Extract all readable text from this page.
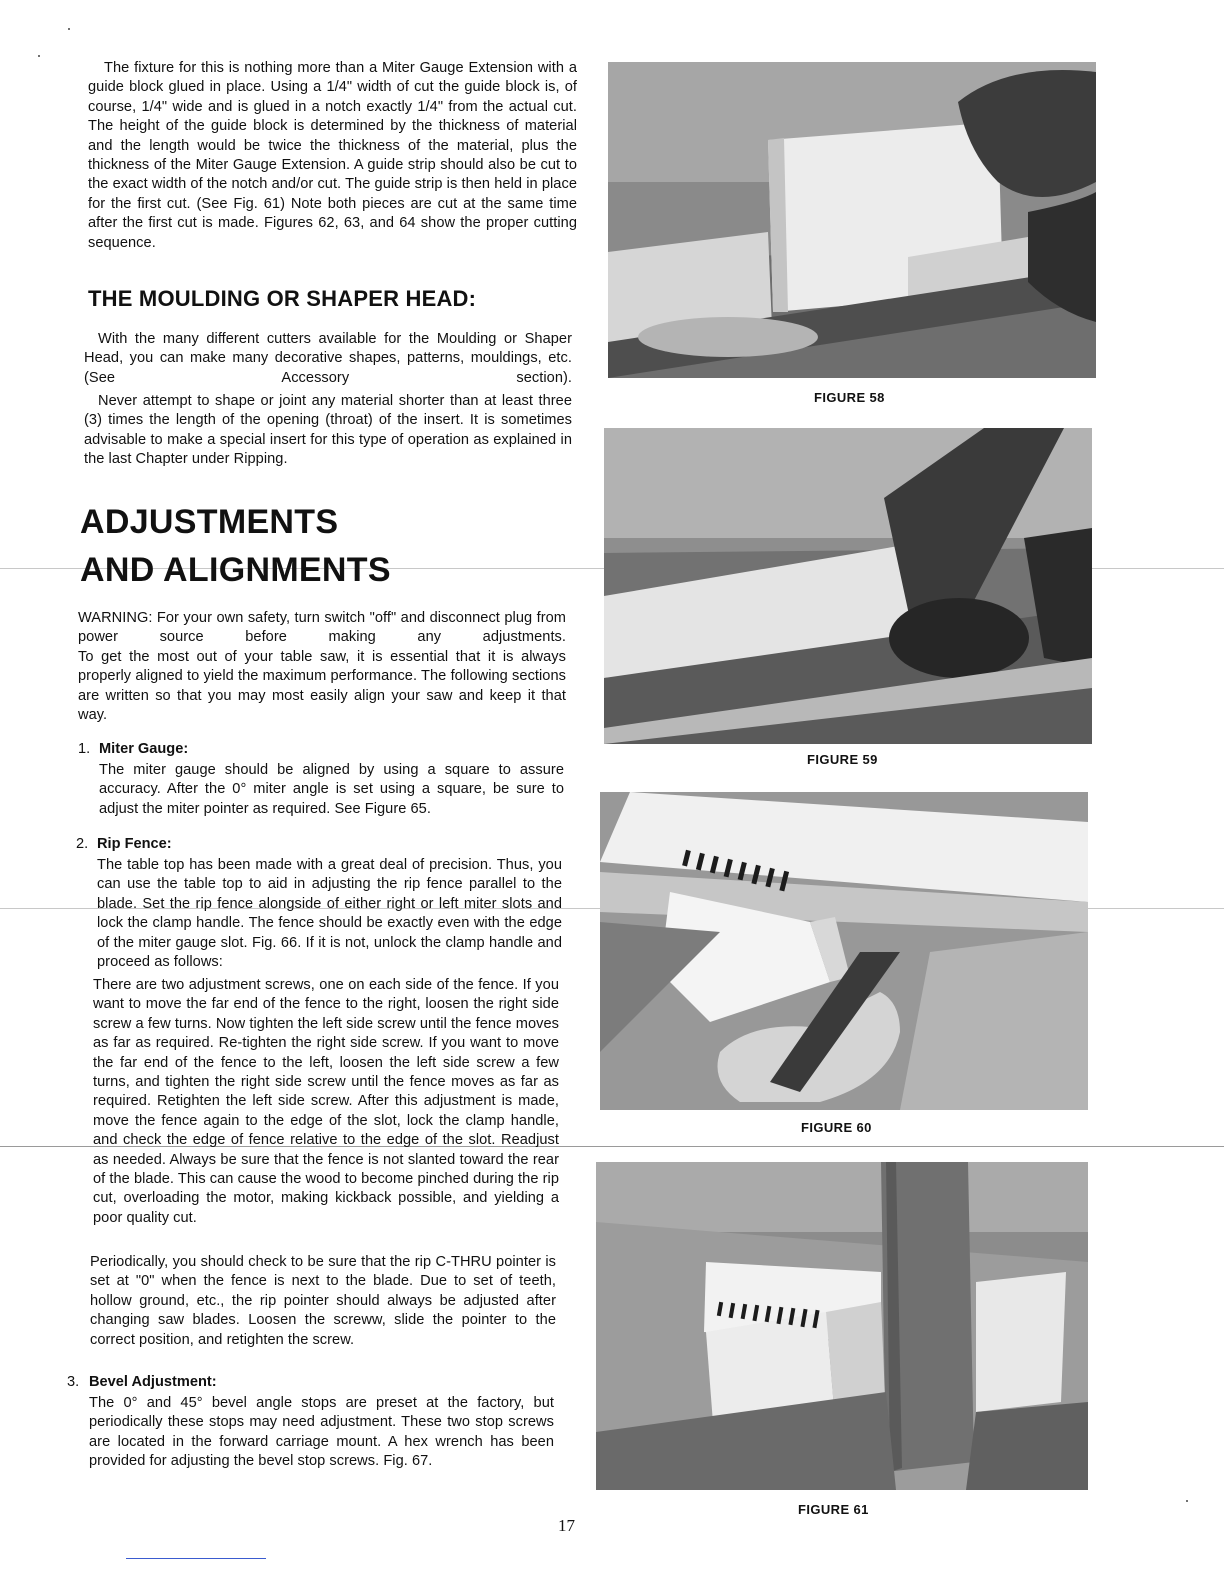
The fixture for this is nothing more than a Miter Gauge Extension with a guide block glued in place. Using a 1/4" width of cut the guide block is, of course, 1/4" wide and is glued in a notch exactly 1/4" from the actual cut. The height of the guide block is determined by the thickness of material and the length would be twice the thickness of the material, plus the thickness of the Miter Gauge Extension. A guide strip should also be cut to the exact width of the notch and/or cut. The guide strip is then held in place for the first cut. (See Fig. 61) Note both pieces are cut at the same time after the first cut is made. Figures 62, 63, and 64 show the proper cutting sequence.

THE MOULDING OR SHAPER HEAD:

With the many different cutters available for the Moulding or Shaper Head, you can make many decorative shapes, patterns, mouldings, etc. (See Accessory section).

Never attempt to shape or joint any material shorter than at least three (3) times the length of the opening (throat) of the insert. It is sometimes advisable to make a special insert for this type of operation as explained in the last Chapter under Ripping.

ADJUSTMENTS
AND ALIGNMENTS

WARNING: For your own safety, turn switch "off" and disconnect plug from power source before making any adjustments.

To get the most out of your table saw, it is essential that it is always properly aligned to yield the maximum performance. The following sections are written so that you may most easily align your saw and keep it that way.

1. Miter Gauge:

The miter gauge should be aligned by using a square to assure accuracy. After the 0° miter angle is set using a square, be sure to adjust the miter pointer as required. See Figure 65.

2. Rip Fence:

The table top has been made with a great deal of precision. Thus, you can use the table top to aid in adjusting the rip fence parallel to the blade. Set the rip fence alongside of either right or left miter slots and lock the clamp handle. The fence should be exactly even with the edge of the miter gauge slot. Fig. 66. If it is not, unlock the clamp handle and proceed as follows:

There are two adjustment screws, one on each side of the fence. If you want to move the far end of the fence to the right, loosen the right side screw a few turns. Now tighten the left side screw until the fence moves as far as required. Re-tighten the right side screw. If you want to move the far end of the fence to the left, loosen the left side screw a few turns, and tighten the right side screw until the fence moves as far as required. Retighten the left side screw. After this adjustment is made, move the fence again to the edge of the slot, lock the clamp handle, and check the edge of fence relative to the edge of the slot. Readjust as needed. Always be sure that the fence is not slanted toward the rear of the blade. This can cause the wood to become pinched during the rip cut, overloading the motor, making kickback possible, and yielding a poor quality cut.

Periodically, you should check to be sure that the rip C-THRU pointer is set at "0" when the fence is next to the blade. Due to set of teeth, hollow ground, etc., the rip pointer should always be adjusted after changing saw blades. Loosen the screww, slide the pointer to the correct position, and retighten the screw.

3. Bevel Adjustment:

The 0° and 45° bevel angle stops are preset at the factory, but periodically these stops may need adjustment. These two stop screws are located in the forward carriage mount. A hex wrench has been provided for adjusting the bevel stop screws. Fig. 67.

17
FIGURE 58
FIGURE 59
FIGURE 60
FIGURE 61
